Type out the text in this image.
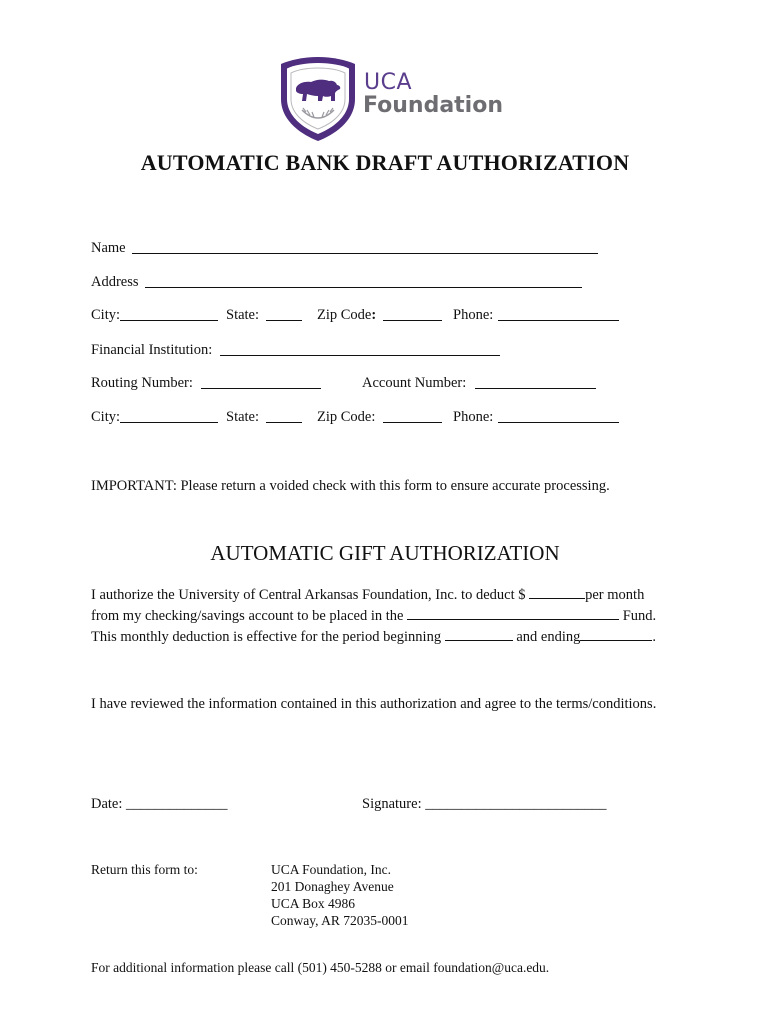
UCA
Foundation
AUTOMATIC BANK DRAFT AUTHORIZATION
Name
Address
City:	State:	Zip Code:	Phone:
Financial Institution:
Routing Number:	Account Number:
City:	State:	Zip Code:	Phone:
IMPORTANT: Please return a voided check with this form to ensure accurate processing.
AUTOMATIC GIFT AUTHORIZATION
I authorize the University of Central Arkansas Foundation, Inc. to deduct $	per month
from my checking/savings account to be placed in the	Fund.
This monthly deduction is effective for the period beginning	and ending	.
I have reviewed the information contained in this authorization and agree to the terms/conditions.
Date: ______________	Signature: _________________________
Return this form to:	UCA Foundation, Inc.
201 Donaghey Avenue
UCA Box 4986
Conway, AR 72035-0001
For additional information please call (501) 450-5288 or email foundation@uca.edu.
